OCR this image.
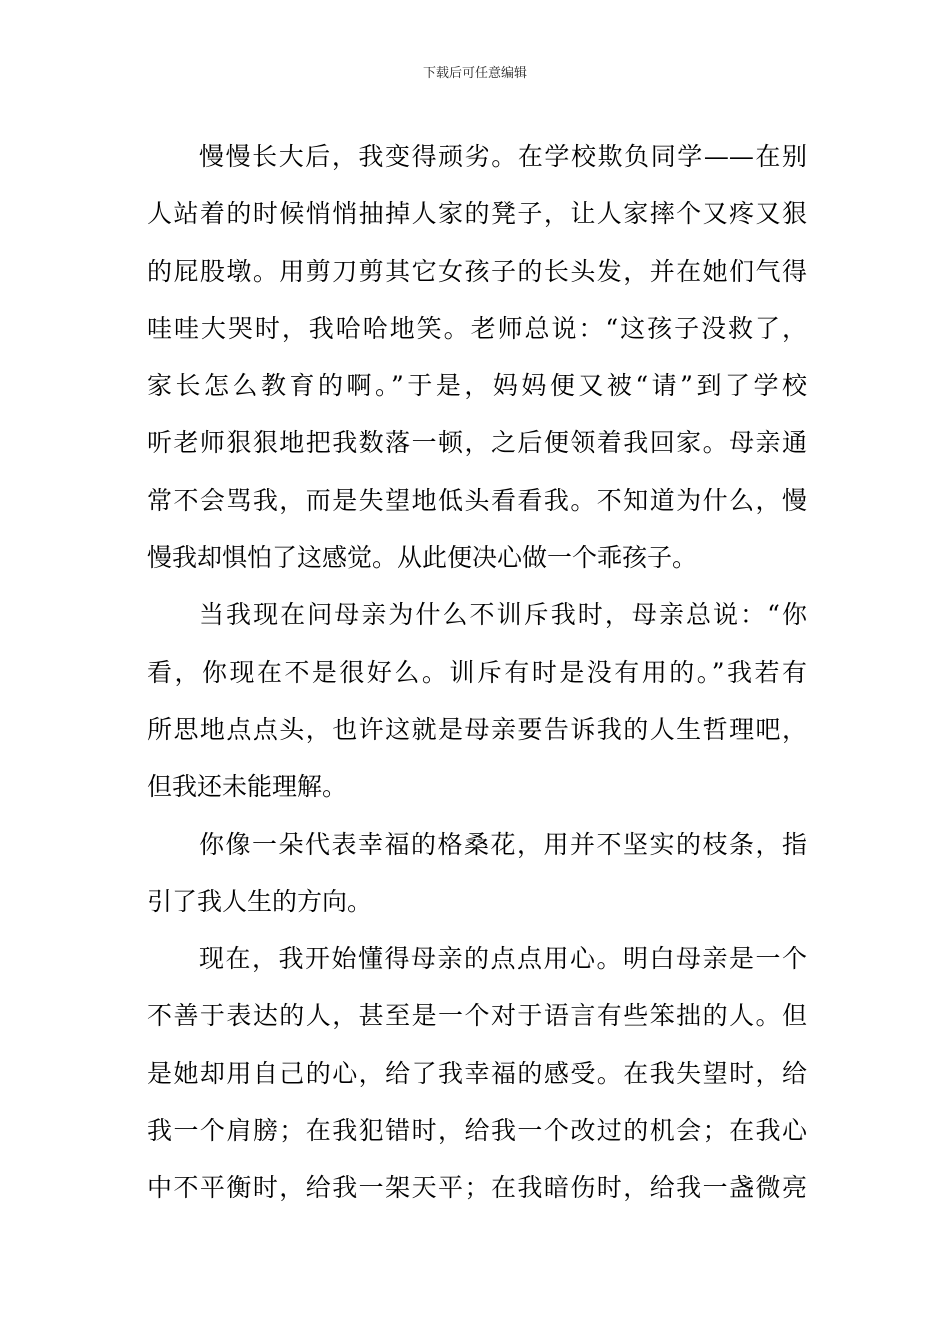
下载后可任意编辑
慢慢长大后，我变得顽劣。在学校欺负同学——在别
人站着的时候悄悄抽掉人家的凳子，让人家摔个又疼又狠
的屁股墩。用剪刀剪其它女孩子的长头发，并在她们气得
哇哇大哭时，我哈哈地笑。老师总说：“这孩子没救了，
家长怎么教育的啊。”于是，妈妈便又被“请”到了学校
听老师狠狠地把我数落一顿，之后便领着我回家。母亲通
常不会骂我，而是失望地低头看看我。不知道为什么，慢
慢我却惧怕了这感觉。从此便决心做一个乖孩子。
当我现在问母亲为什么不训斥我时，母亲总说：“你
看，你现在不是很好么。训斥有时是没有用的。”我若有
所思地点点头，也许这就是母亲要告诉我的人生哲理吧，
但我还未能理解。
你像一朵代表幸福的格桑花，用并不坚实的枝条，指
引了我人生的方向。
现在，我开始懂得母亲的点点用心。明白母亲是一个
不善于表达的人，甚至是一个对于语言有些笨拙的人。但
是她却用自己的心，给了我幸福的感受。在我失望时，给
我一个肩膀；在我犯错时，给我一个改过的机会；在我心
中不平衡时，给我一架天平；在我暗伤时，给我一盏微亮
